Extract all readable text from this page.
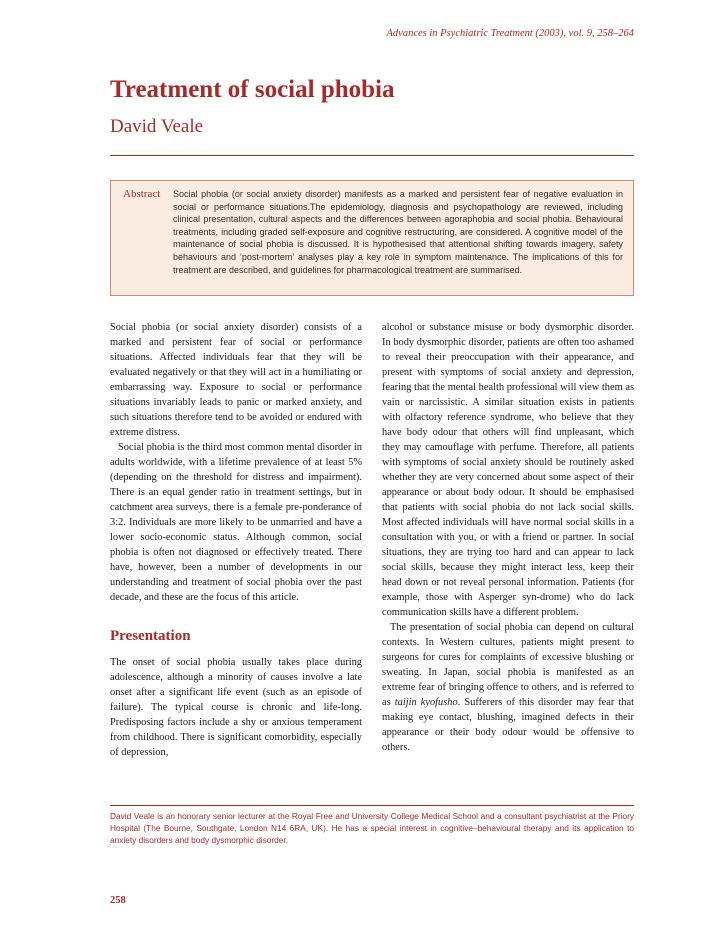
Advances in Psychiatric Treatment (2003), vol. 9, 258–264
Treatment of social phobia
David Veale
Abstract Social phobia (or social anxiety disorder) manifests as a marked and persistent fear of negative evaluation in social or performance situations.The epidemiology, diagnosis and psychopathology are reviewed, including clinical presentation, cultural aspects and the differences between agoraphobia and social phobia. Behavioural treatments, including graded self-exposure and cognitive restructuring, are considered. A cognitive model of the maintenance of social phobia is discussed. It is hypothesised that attentional shifting towards imagery, safety behaviours and ‘post-mortem’ analyses play a key role in symptom maintenance. The implications of this for treatment are described, and guidelines for pharmacological treatment are summarised.

Social phobia (or social anxiety disorder) consists of a marked and persistent fear of social or performance situations. Affected individuals fear that they will be evaluated negatively or that they will act in a humiliating or embarrassing way. Exposure to social or performance situations invariably leads to panic or marked anxiety, and such situations therefore tend to be avoided or endured with extreme distress.

Social phobia is the third most common mental disorder in adults worldwide, with a lifetime prevalence of at least 5% (depending on the threshold for distress and impairment). There is an equal gender ratio in treatment settings, but in catchment area surveys, there is a female pre-ponderance of 3:2. Individuals are more likely to be unmarried and have a lower socio-economic status. Although common, social phobia is often not diagnosed or effectively treated. There have, however, been a number of developments in our understanding and treatment of social phobia over the past decade, and these are the focus of this article.

Presentation

The onset of social phobia usually takes place during adolescence, although a minority of causes involve a late onset after a significant life event (such as an episode of failure). The typical course is chronic and life-long. Predisposing factors include a shy or anxious temperament from childhood. There is significant comorbidity, especially of depression,

alcohol or substance misuse or body dysmorphic disorder. In body dysmorphic disorder, patients are often too ashamed to reveal their preoccupation with their appearance, and present with symptoms of social anxiety and depression, fearing that the mental health professional will view them as vain or narcissistic. A similar situation exists in patients with olfactory reference syndrome, who believe that they have body odour that others will find unpleasant, which they may camouflage with perfume. Therefore, all patients with symptoms of social anxiety should be routinely asked whether they are very concerned about some aspect of their appearance or about body odour. It should be emphasised that patients with social phobia do not lack social skills. Most affected individuals will have normal social skills in a consultation with you, or with a friend or partner. In social situations, they are trying too hard and can appear to lack social skills, because they might interact less, keep their head down or not reveal personal information. Patients (for example, those with Asperger syn-drome) who do lack communication skills have a different problem.

The presentation of social phobia can depend on cultural contexts. In Western cultures, patients might present to surgeons for cures for complaints of excessive blushing or sweating. In Japan, social phobia is manifested as an extreme fear of bringing offence to others, and is referred to as taijin kyofusho. Sufferers of this disorder may fear that making eye contact, blushing, imagined defects in their appearance or their body odour would be offensive to others.

David Veale is an honorary senior lecturer at the Royal Free and University College Medical School and a consultant psychiatrist at the Priory Hospital (The Bourne, Southgate, London N14 6RA, UK). He has a special interest in cognitive–behavioural therapy and its application to anxiety disorders and body dysmorphic disorder.
258
